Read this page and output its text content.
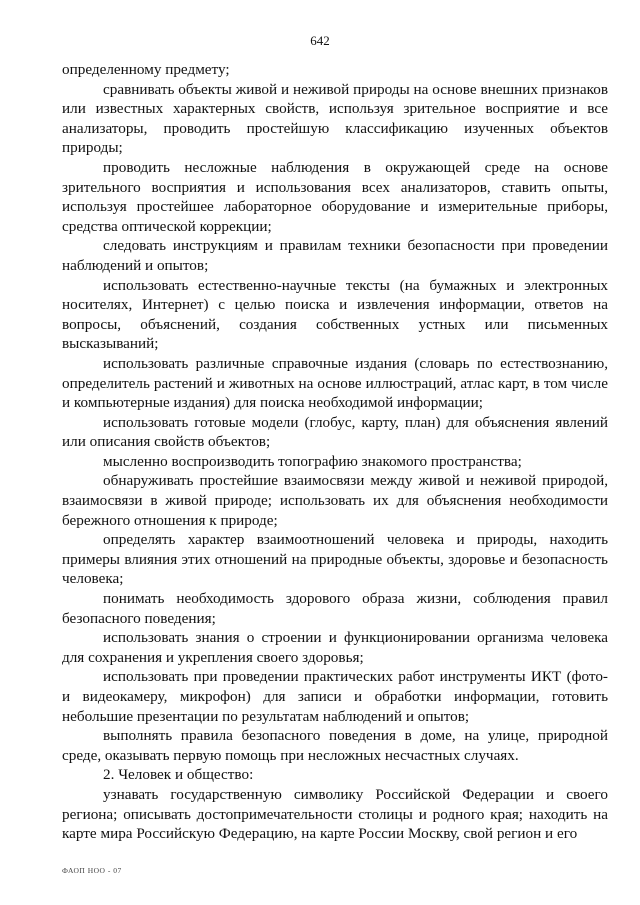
642

определенному предмету;

сравнивать объекты живой и неживой природы на основе внешних признаков или известных характерных свойств, используя зрительное восприятие и все анализаторы, проводить простейшую классификацию изученных объектов природы;

проводить несложные наблюдения в окружающей среде на основе зрительного восприятия и использования всех анализаторов, ставить опыты, используя простейшее лабораторное оборудование и измерительные приборы, средства оптической коррекции;

следовать инструкциям и правилам техники безопасности при проведении наблюдений и опытов;

использовать естественно-научные тексты (на бумажных и электронных носителях, Интернет) с целью поиска и извлечения информации, ответов на вопросы, объяснений, создания собственных устных или письменных высказываний;

использовать различные справочные издания (словарь по естествознанию, определитель растений и животных на основе иллюстраций, атлас карт, в том числе и компьютерные издания) для поиска необходимой информации;

использовать готовые модели (глобус, карту, план) для объяснения явлений или описания свойств объектов;

мысленно воспроизводить топографию знакомого пространства;

обнаруживать простейшие взаимосвязи между живой и неживой природой, взаимосвязи в живой природе; использовать их для объяснения необходимости бережного отношения к природе;

определять характер взаимоотношений человека и природы, находить примеры влияния этих отношений на природные объекты, здоровье и безопасность человека;

понимать необходимость здорового образа жизни, соблюдения правил безопасного поведения;

использовать знания о строении и функционировании организма человека для сохранения и укрепления своего здоровья;

использовать при проведении практических работ инструменты ИКТ (фото- и видеокамеру, микрофон) для записи и обработки информации, готовить небольшие презентации по результатам наблюдений и опытов;

выполнять правила безопасного поведения в доме, на улице, природной среде, оказывать первую помощь при несложных несчастных случаях.

2. Человек и общество:

узнавать государственную символику Российской Федерации и своего региона; описывать достопримечательности столицы и родного края; находить на карте мира Российскую Федерацию, на карте России Москву, свой регион и его

ФАОП НОО - 07
